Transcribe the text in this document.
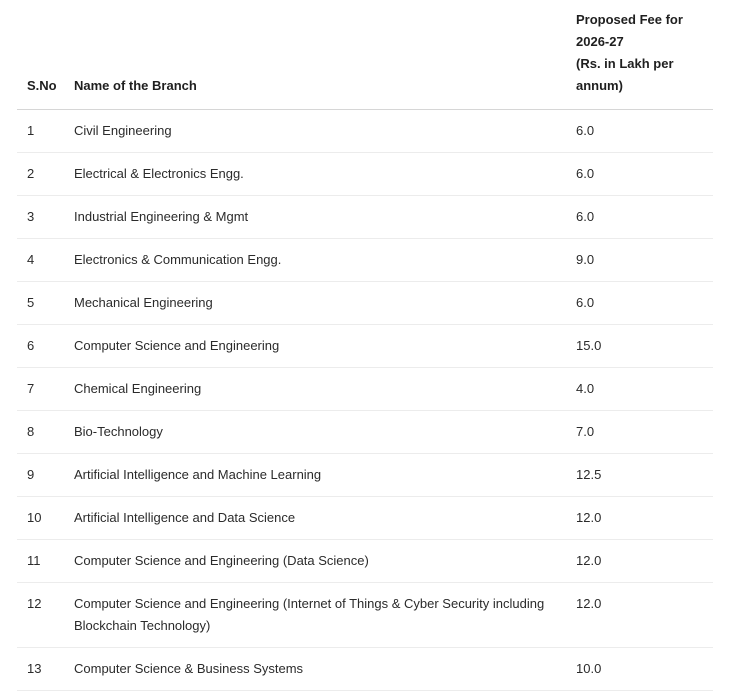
S.No	Name of the Branch	Proposed Fee for
2026-27
(Rs. in Lakh per
annum)

1	Civil Engineering	6.0
2	Electrical & Electronics Engg.	6.0
3	Industrial Engineering & Mgmt	6.0
4	Electronics & Communication Engg.	9.0
5	Mechanical Engineering	6.0
6	Computer Science and Engineering	15.0
7	Chemical Engineering	4.0
8	Bio-Technology	7.0
9	Artificial Intelligence and Machine Learning	12.5
10	Artificial Intelligence and Data Science	12.0
11	Computer Science and Engineering (Data Science)	12.0
12	Computer Science and Engineering (Internet of Things & Cyber Security including Blockchain Technology)	12.0
13	Computer Science & Business Systems	10.0
